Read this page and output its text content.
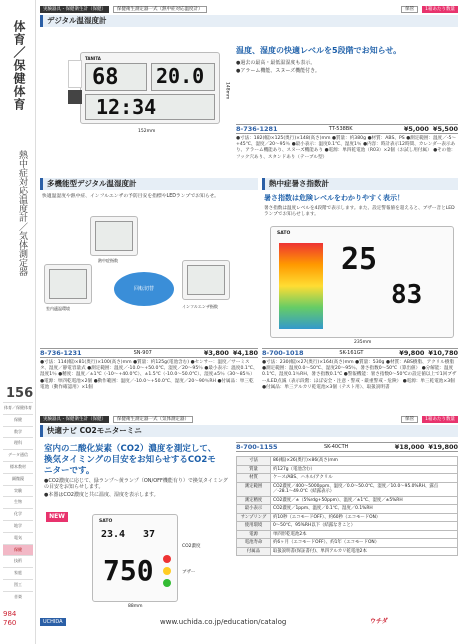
体育／保健体育
熱中症対応温度計／気体測定器
156
体育／保健体育
保健
数学
理科
データ通信
標本教材
顕微鏡
実験
生物
化学
地学
電気
保健
技術
家庭
図工
音楽
984
760
実験器具・保健衛生計（保健）	保健衛生測定器一式（熱中症対応温度計）	保管	1箱あたり数量
デジタル温湿度計
TANITA
68	20.0
12:34
152mm
148mm
温度、湿度の快適レベルを5段階でお知らせ。
●過去の最高・最低温湿度も表示。
●アラーム機能、スヌーズ機能付き。
8-736-1281	TT-538BK	¥5,000 ¥5,500
●寸法：182(幅)×125(奥行)×148(高さ)mm ●質量：約380g ●材質：ABS、PS ●測定範囲：温度／-5〜+45℃、湿度／20〜95％ ●最小表示：温度0.1℃、湿度1％ ●内容：時計表示12時間、カレンダー表示あり、アラーム機能あり、スヌーズ機能あり ●電源：単四乾電池（R03）×2個（お試し用付属） ●その他：フック穴あり、スタンドあり（テーブル型）
多機能型デジタル温湿度計
快適温湿度や熱中症、インフルエンザの予防目安を指標やLEDランプでお知らせ。
回転切替
熱中症指数
インフルエンザ指数
室内適温環境
8-736-1231	SN-907	¥3,800 ¥4,180
●寸法：114(幅)×81(奥行)×100(高さ)mm ●質量：約125g(電池含む) ●センサー：温度／サーミスタ、湿度／静電容量式 ●測定範囲：温度／-10.0〜+50.0℃、湿度／20〜95％ ●最小表示：温度0.1℃、湿度1％ ●精度：温度／±1℃（-10〜+40.0℃）、±1.5℃（-10.0〜50.0℃）、湿度±5％（30〜85％） ●電源：単四乾電池×2個 ●動作範囲：温度／-10.0〜+50.0℃、湿度／20〜90％RH ●付属品：単三乾電池（動作確認用）×1個
熱中症暑さ指数計
暑さ指数は危険レベルをわかりやすく表示！
暑さ指数は温度レベルを4段階で表示します。また、設定警報値を超えると、ブザー音とLEDランプでお知らせします。
SATO
25
83
235mm
8-700-1018	SK-161GT	¥9,800 ¥10,780
●寸法：230(幅)×27(奥行)×164(高さ)mm ●質量：530g ●材質：ABS樹脂、アクリル樹脂 ●測定範囲：温度0.0〜50℃、湿度20〜95％、暑さ指数0〜50℃（算出値） ●分解能：温度0.1℃、湿度0.1％RH、暑さ指数0.1℃ ●警報機能：暑さ指数0〜50℃の設定値以上で1回ブザー/LED点滅（表示段階：ほぼ安全・注意・警戒・厳重警戒・危険） ●電源：単三乾電池×3個 ●付属品：単三アルカリ乾電池×3個（テスト用）、取扱説明書
実験器具・保健衛生計（保健）	保健衛生測定器一式（気体測定器）	保管	1箱あたり数量
快適ナビ CO2モニターミニ
室内の二酸化炭素（CO2）濃度を測定して、換気タイミングの目安をお知らせするCO2モニターです。
●CO2濃度に応じて、緑ランプ〜黄ランプ（ON/OFF機能有り）で換気タイミングの目安をお知らせします。
●本器はCO2濃度と共に温度、湿度を表示します。
NEW
SATO
23.4 37
750
CO2濃度
ブザー
88mm
8-700-1155	SK-40CTH	¥18,000 ¥19,800
寸法	86(幅)×26(奥行)×86(高さ)mm
質量	約127g（電池含む）
材質	ケース/ABS、ハネル/アクリル
測定範囲	CO2濃度／400〜5000ppm、温度／0.0〜50.0℃、湿度／10.0〜95.0%RH、露点／-28.1〜49.0℃（結露表示）
測定精度	CO2濃度／±（5%rdg+50ppm）、温度／±1℃、湿度／±5%RH
最小表示	CO2濃度／1ppm、温度／0.1℃、湿度／0.1%RH
サンプリング	約10秒（エコモードOFF）、約60秒（エコモードON）
使用環境	0〜50℃、95%RH以下（結露なきこと）
電源	単四形乾電池2本
電池寿命	約6ヶ月（エコモードOFF）、約1年（エコモードON）
付属品	取扱説明書(保証書付)、単四アルカリ乾電池2本
UCHIDA	www.uchida.co.jp/education/catalog	ウチダ
